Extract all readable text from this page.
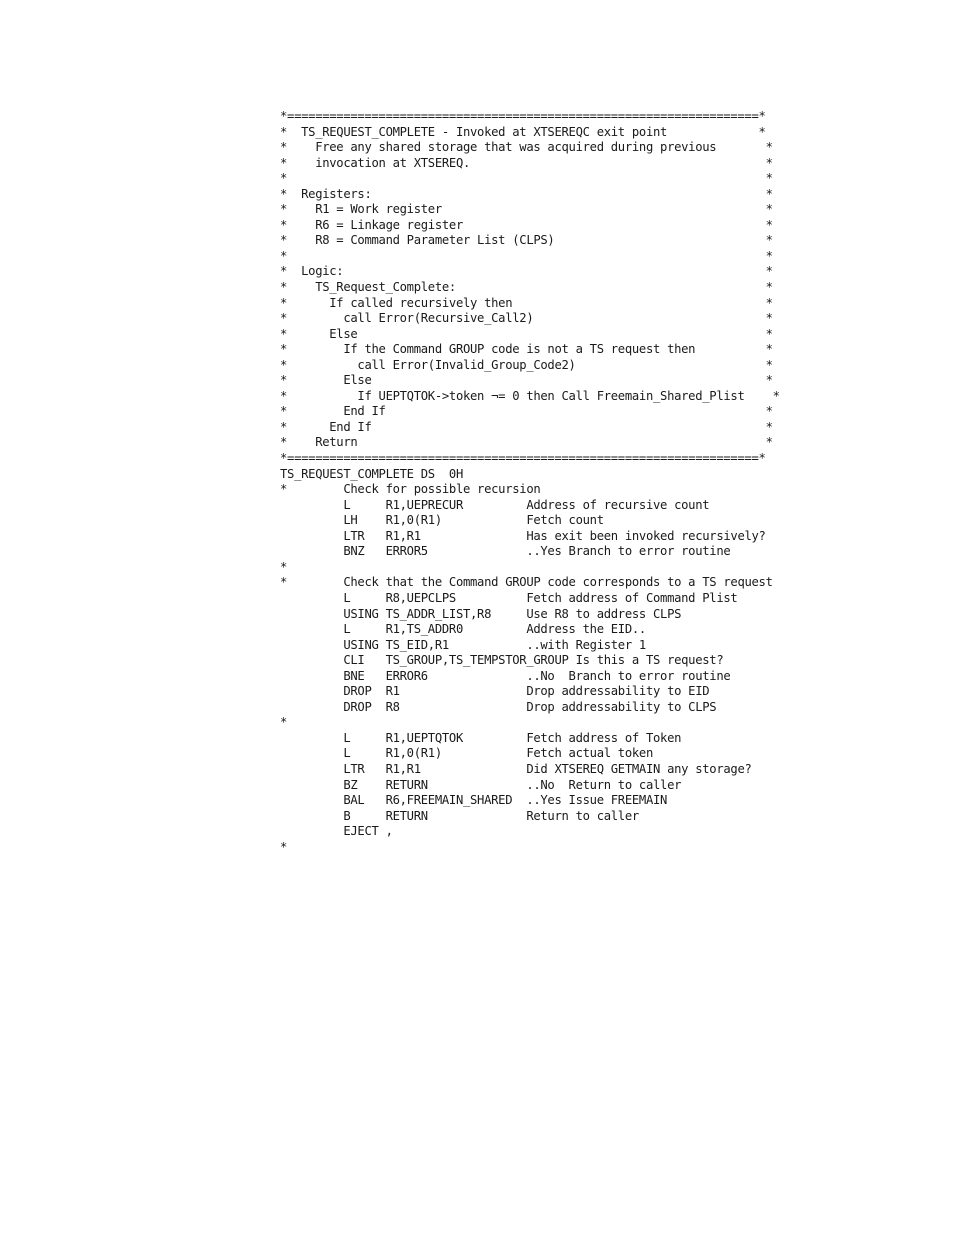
*===================================================================*
*  TS_REQUEST_COMPLETE - Invoked at XTSEREQC exit point             *
*    Free any shared storage that was acquired during previous       *
*    invocation at XTSEREQ.                                          *
*                                                                    *
*  Registers:                                                        *
*    R1 = Work register                                              *
*    R6 = Linkage register                                           *
*    R8 = Command Parameter List (CLPS)                              *
*                                                                    *
*  Logic:                                                            *
*    TS_Request_Complete:                                            *
*      If called recursively then                                    *
*        call Error(Recursive_Call2)                                 *
*      Else                                                          *
*        If the Command GROUP code is not a TS request then          *
*          call Error(Invalid_Group_Code2)                           *
*        Else                                                        *
*          If UEPTQTOK->token ¬= 0 then Call Freemain_Shared_Plist    *
*        End If                                                      *
*      End If                                                        *
*    Return                                                          *
*===================================================================*
TS_REQUEST_COMPLETE DS  0H
*        Check for possible recursion
L     R1,UEPRECUR         Address of recursive count
LH    R1,0(R1)            Fetch count
LTR   R1,R1               Has exit been invoked recursively?
BNZ   ERROR5              ..Yes Branch to error routine
*
*        Check that the Command GROUP code corresponds to a TS request
L     R8,UEPCLPS          Fetch address of Command Plist
USING TS_ADDR_LIST,R8     Use R8 to address CLPS
L     R1,TS_ADDR0         Address the EID..
USING TS_EID,R1           ..with Register 1
CLI   TS_GROUP,TS_TEMPSTOR_GROUP Is this a TS request?
BNE   ERROR6              ..No  Branch to error routine
DROP  R1                  Drop addressability to EID
DROP  R8                  Drop addressability to CLPS
*
L     R1,UEPTQTOK         Fetch address of Token
L     R1,0(R1)            Fetch actual token
LTR   R1,R1               Did XTSEREQ GETMAIN any storage?
BZ    RETURN              ..No  Return to caller
BAL   R6,FREEMAIN_SHARED  ..Yes Issue FREEMAIN
B     RETURN              Return to caller
EJECT ,
*
